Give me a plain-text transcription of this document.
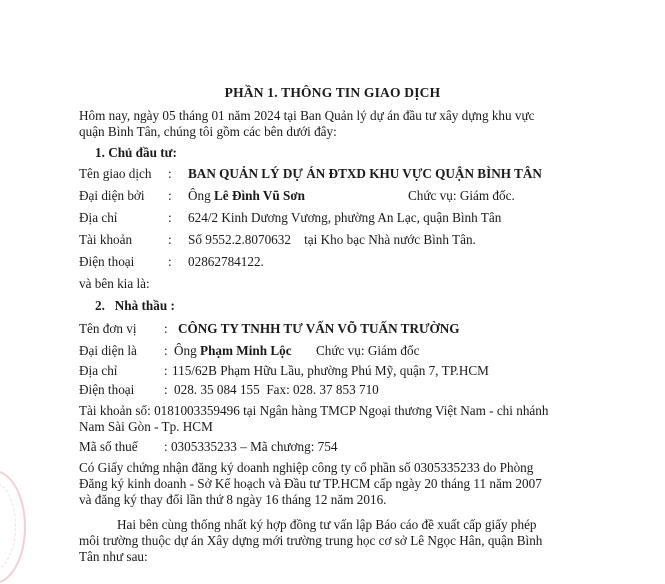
PHẦN 1. THÔNG TIN GIAO DỊCH
Hôm nay, ngày 05 tháng 01 năm 2024 tại Ban Quản lý dự án đầu tư xây dựng khu vực
quận Bình Tân, chúng tôi gồm các bên dưới đây:
1. Chủ đầu tư:
Tên giao dịch : BAN QUẢN LÝ DỰ ÁN ĐTXD KHU VỰC QUẬN BÌNH TÂN
Đại diện bởi : Ông Lê Đình Vũ Sơn	Chức vụ: Giám đốc.
Địa chỉ	: 624/2 Kinh Dương Vương, phường An Lạc, quận Bình Tân
Tài khoản	: Số 9552.2.8070632    tại Kho bạc Nhà nước Bình Tân.
Điện thoại	: 02862784122.
và bên kia là:
2.   Nhà thầu :
Tên đơn vị : CÔNG TY TNHH TƯ VẤN VÕ TUẤN TRƯỜNG
Đại diện là : Ông Phạm Minh Lộc Chức vụ: Giám đốc
Địa chỉ	: 115/62B Phạm Hữu Lầu, phường Phú Mỹ, quận 7, TP.HCM
Điện thoại : 028. 35 084 155  Fax: 028. 37 853 710
Tài khoản số: 0181003359496 tại Ngân hàng TMCP Ngoại thương Việt Nam - chi nhánh
Nam Sài Gòn - Tp. HCM
Mã số thuế : 0305335233 – Mã chương: 754
Có Giấy chứng nhận đăng ký doanh nghiệp công ty cổ phần số 0305335233 do Phòng
Đăng ký kinh doanh - Sở Kế hoạch và Đầu tư TP.HCM cấp ngày 20 tháng 11 năm 2007
và đăng ký thay đổi lần thứ 8 ngày 16 tháng 12 năm 2016.
Hai bên cùng thống nhất ký hợp đồng tư vấn lập Báo cáo đề xuất cấp giấy phép
môi trường thuộc dự án Xây dựng mới trường trung học cơ sở Lê Ngọc Hân, quận Bình
Tân như sau:
